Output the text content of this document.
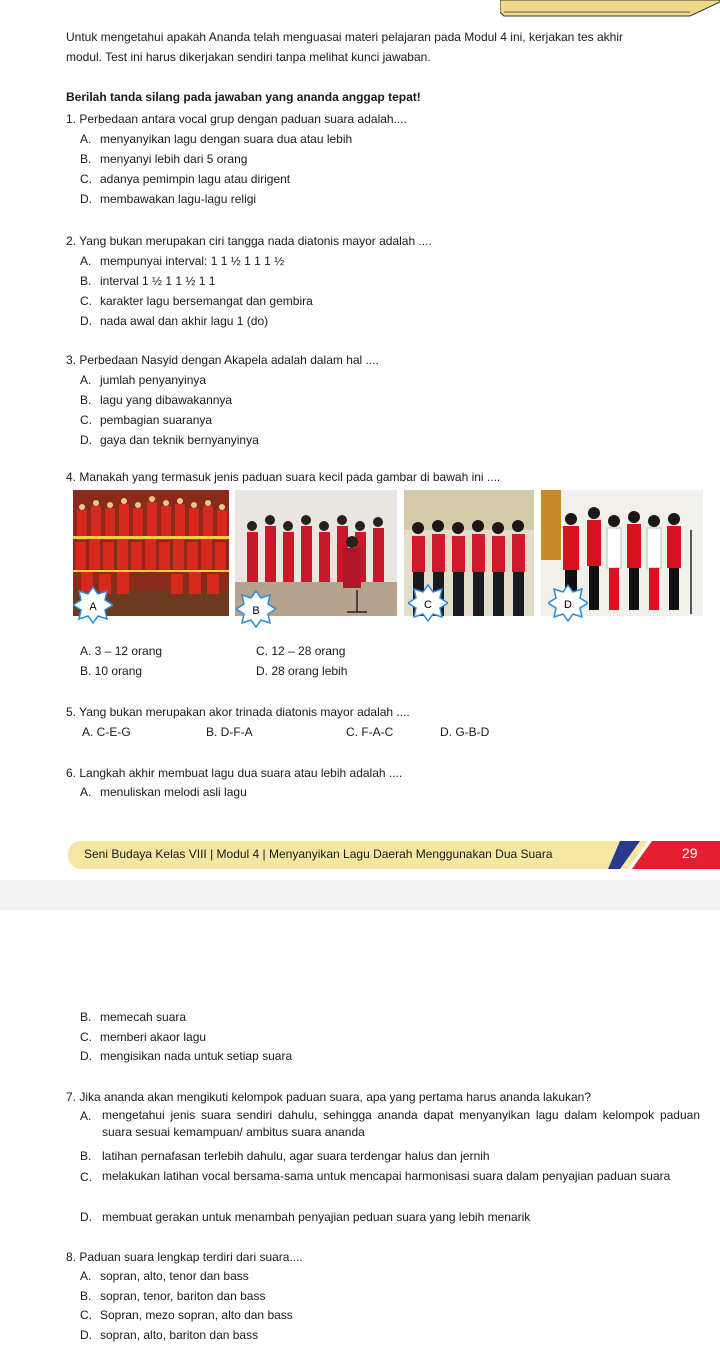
Untuk mengetahui apakah Ananda telah menguasai materi pelajaran pada Modul 4 ini, kerjakan tes akhir
modul. Test ini harus dikerjakan sendiri tanpa melihat kunci jawaban.
Berilah tanda silang pada jawaban yang ananda anggap tepat!
1. Perbedaan antara vocal grup dengan paduan suara adalah....
A. menyanyikan lagu dengan suara dua atau lebih
B. menyanyi lebih dari 5 orang
C. adanya pemimpin lagu atau dirigent
D. membawakan lagu-lagu religi
2. Yang bukan merupakan ciri tangga nada diatonis mayor adalah ....
A. mempunyai interval: 1 1 ½ 1 1 1 ½
B. interval 1 ½ 1 1 ½ 1 1
C. karakter lagu bersemangat dan gembira
D. nada awal dan akhir lagu 1 (do)
3. Perbedaan Nasyid dengan Akapela adalah dalam hal ....
A. jumlah penyanyinya
B. lagu yang dibawakannya
C. pembagian suaranya
D. gaya dan teknik bernyanyinya
4. Manakah yang termasuk jenis paduan suara kecil pada gambar di bawah ini ....
A	B	C	D
A. 3 – 12 orang	C. 12 – 28 orang
B. 10 orang	D. 28 orang lebih
5. Yang bukan merupakan akor trinada diatonis mayor adalah ....
A. C-E-G	B. D-F-A	C. F-A-C	D. G-B-D
6. Langkah akhir membuat lagu dua suara atau lebih adalah ....
A. menuliskan melodi asli lagu
Seni Budaya Kelas VIII | Modul 4 | Menyanyikan Lagu Daerah Menggunakan Dua Suara	29
B. memecah suara
C. memberi akaor lagu
D. mengisikan nada untuk setiap suara
7. Jika ananda akan mengikuti kelompok paduan suara, apa yang pertama harus ananda lakukan?
A. mengetahui jenis suara sendiri dahulu, sehingga ananda dapat menyanyikan lagu dalam kelompok paduan suara sesuai kemampuan/ ambitus suara ananda
B. latihan pernafasan terlebih dahulu, agar suara terdengar halus dan jernih
C. melakukan latihan vocal bersama-sama untuk mencapai harmonisasi suara dalam penyajian paduan suara
D. membuat gerakan untuk menambah penyajian peduan suara yang lebih menarik
8. Paduan suara lengkap terdiri dari suara....
A. sopran, alto, tenor dan bass
B. sopran, tenor, bariton dan bass
C. Sopran, mezo sopran, alto dan bass
D. sopran, alto, bariton dan bass
